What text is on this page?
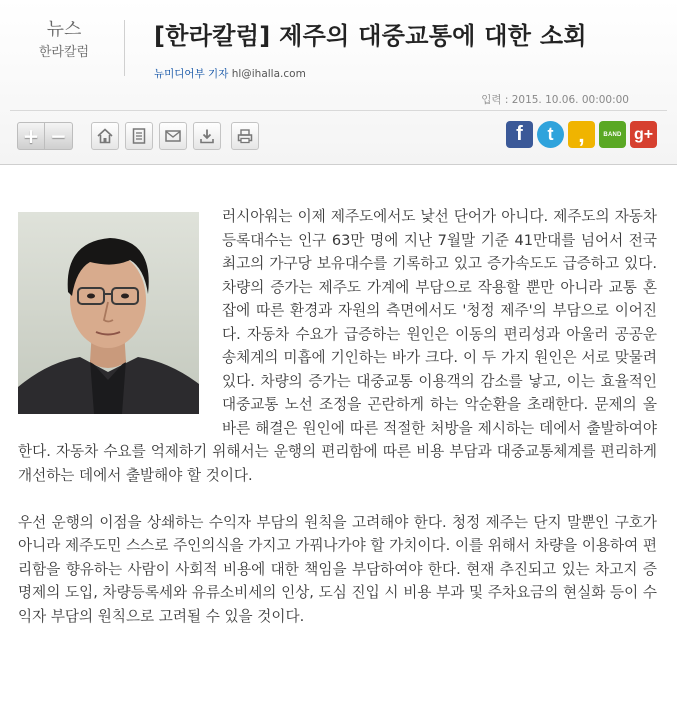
뉴스
한라칼럼
[한라칼럼] 제주의 대중교통에 대한 소회
뉴미디어부 기자 hl@ihalla.com
입력 : 2015. 10.06. 00:00:00
+ −	f t ‚	BAND g+

러시아워는 이제 제주도에서도 낯선 단어가 아니다. 제주도의 자동차 등록대수는 인구 63만 명에 지난 7월말 기준 41만대를 넘어서 전국 최고의 가구당 보유대수를 기록하고 있고 증가속도도 급증하고 있다. 차량의 증가는 제주도 가계에 부담으로 작용할 뿐만 아니라 교통 혼잡에 따른 환경과 자원의 측면에서도 '청정 제주'의 부담으로 이어진다. 자동차 수요가 급증하는 원인은 이동의 편리성과 아울러 공공운송체계의 미흡에 기인하는 바가 크다. 이 두 가지 원인은 서로 맞물려 있다. 차량의 증가는 대중교통 이용객의 감소를 낳고, 이는 효율적인 대중교통 노선 조정을 곤란하게 하는 악순환을 초래한다. 문제의 올바른 해결은 원인에 따른 적절한 처방을 제시하는 데에서 출발하여야 한다. 자동차 수요를 억제하기 위해서는 운행의 편리함에 따른 비용 부담과 대중교통체계를 편리하게 개선하는 데에서 출발해야 할 것이다.

우선 운행의 이점을 상쇄하는 수익자 부담의 원칙을 고려해야 한다. 청정 제주는 단지 말뿐인 구호가 아니라 제주도민 스스로 주인의식을 가지고 가꿔나가야 할 가치이다. 이를 위해서 차량을 이용하여 편리함을 향유하는 사람이 사회적 비용에 대한 책임을 부담하여야 한다. 현재 추진되고 있는 차고지 증명제의 도입, 차량등록세와 유류소비세의 인상, 도심 진입 시 비용 부과 및 주차요금의 현실화 등이 수익자 부담의 원칙으로 고려될 수 있을 것이다.
